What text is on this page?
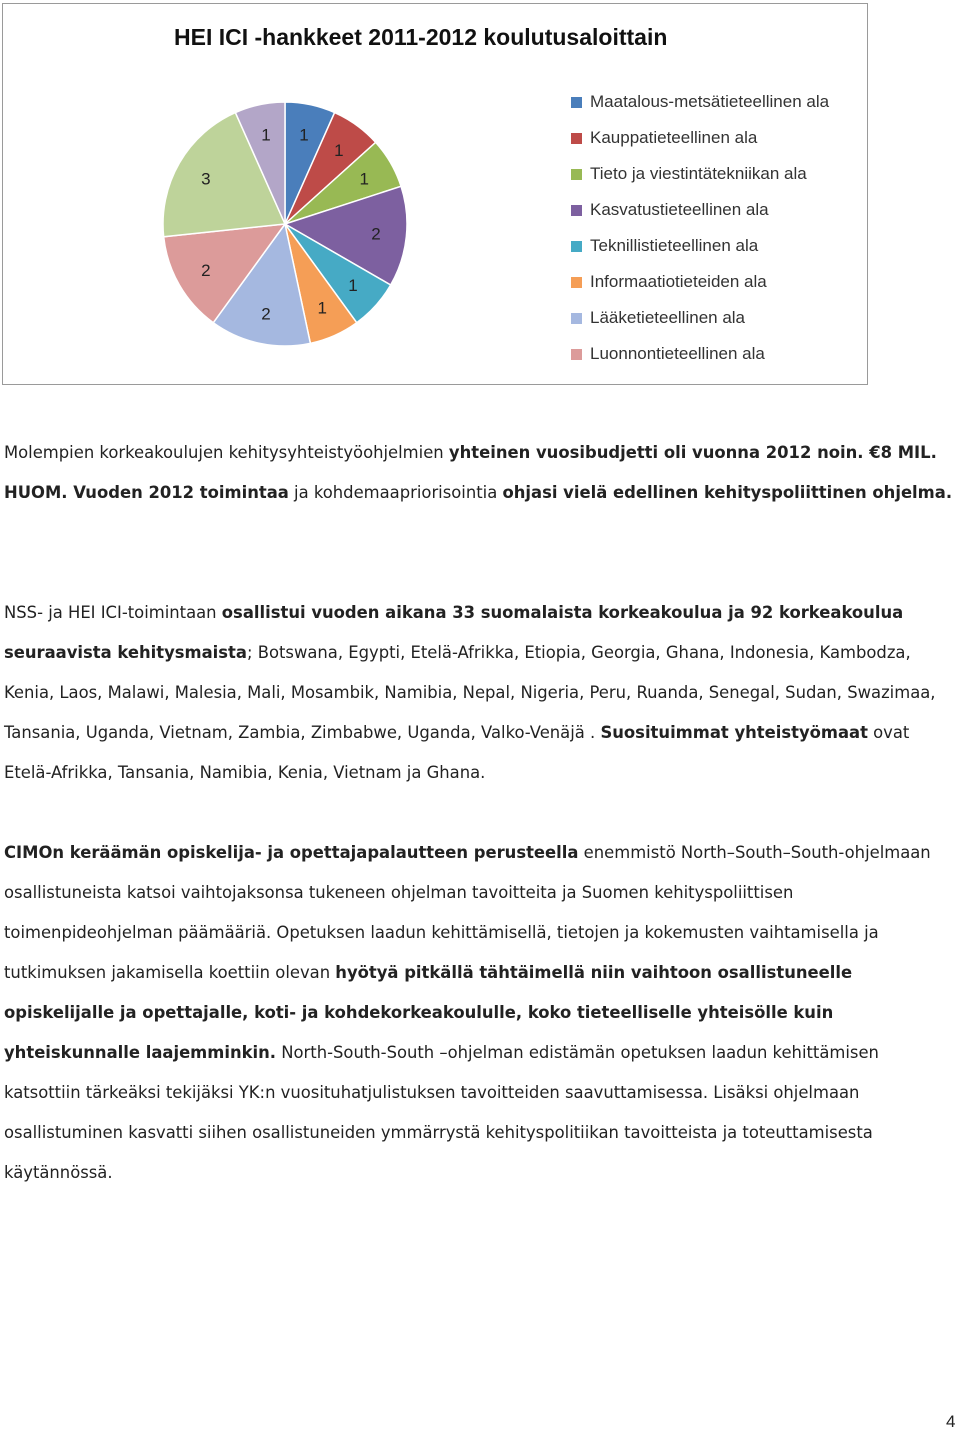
HEI ICI -hankkeet 2011-2012 koulutusaloittain
1
1
1
2
1
1
2
2
3
1
Maatalous-metsätieteellinen ala
Kauppatieteellinen ala
Tieto ja viestintätekniikan ala
Kasvatustieteellinen ala
Teknillistieteellinen ala
Informaatiotieteiden ala
Lääketieteellinen ala
Luonnontieteellinen ala

Molempien korkeakoulujen kehitysyhteistyöohjelmien yhteinen vuosibudjetti oli vuonna 2012 noin. €8 MIL. HUOM. Vuoden 2012 toimintaa ja kohdemaapriorisointia ohjasi vielä edellinen kehityspoliittinen ohjelma.

NSS- ja HEI ICI-toimintaan osallistui vuoden aikana 33 suomalaista korkeakoulua ja 92 korkeakoulua seuraavista kehitysmaista; Botswana, Egypti, Etelä-Afrikka, Etiopia, Georgia, Ghana, Indonesia, Kambodza, Kenia, Laos, Malawi, Malesia, Mali, Mosambik, Namibia, Nepal, Nigeria, Peru, Ruanda, Senegal, Sudan, Swazimaa, Tansania, Uganda, Vietnam, Zambia, Zimbabwe, Uganda, Valko-Venäjä . Suosituimmat yhteistyömaat ovat Etelä-Afrikka, Tansania, Namibia, Kenia, Vietnam ja Ghana.

CIMOn keräämän opiskelija- ja opettajapalautteen perusteella enemmistö North–South–South-ohjelmaan osallistuneista katsoi vaihtojaksonsa tukeneen ohjelman tavoitteita ja Suomen kehityspoliittisen toimenpideohjelman päämääriä. Opetuksen laadun kehittämisellä, tietojen ja kokemusten vaihtamisella ja tutkimuksen jakamisella koettiin olevan hyötyä pitkällä tähtäimellä niin vaihtoon osallistuneelle opiskelijalle ja opettajalle, koti- ja kohdekorkeakoululle, koko tieteelliselle yhteisölle kuin yhteiskunnalle laajemminkin. North-South-South –ohjelman edistämän opetuksen laadun kehittämisen katsottiin tärkeäksi tekijäksi YK:n vuosituhatjulistuksen tavoitteiden saavuttamisessa. Lisäksi ohjelmaan osallistuminen kasvatti siihen osallistuneiden ymmärrystä kehityspolitiikan tavoitteista ja toteuttamisesta käytännössä.

4
